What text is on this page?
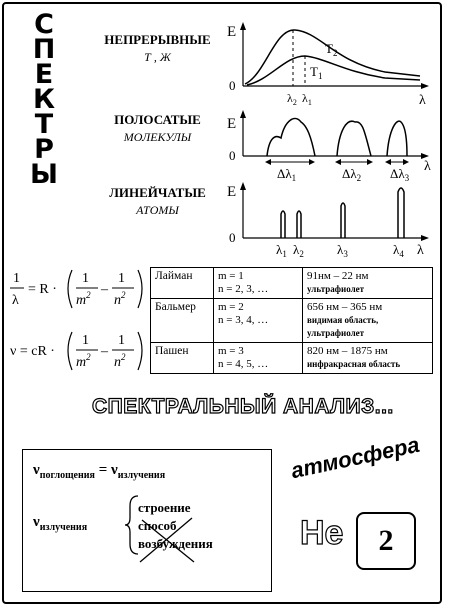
С
П
Е
К
Т
Р
Ы
НЕПРЕРЫВНЫЕ
Т , Ж
ПОЛОСАТЫЕ
МОЛЕКУЛЫ
ЛИНЕЙЧАТЫЕ
АТОМЫ
E
0
λ
$T_2$
$T_1$
$\lambda_2$ $\lambda_1$
E
0
λ
$\Delta\lambda_1$	$\Delta\lambda_2$ $\Delta\lambda_3$
E
0
$\lambda_1$ $\lambda_2$	$\lambda_3$	$\lambda_4$ λ
1
λ
= R ·
1
$m^2$ –
1
$n^2$
ν = cR ·
1
$m^2$ –
1
$n^2$
Лайман	m = 1
n = 2, 3, …	91нм – 22 нм
ультрафиолет

Бальмер	m = 2
n = 3, 4, …	656 нм – 365 нм
видимая область, ультрафиолет

Пашен	m = 3
n = 4, 5, …	820 нм – 1875 нм
инфракрасная область
СПЕКТРАЛЬНЫЙ АНАЛИЗ...
$\nu_{поглощения} = \nu_{излучения}$
$\nu_{излучения}$
строение
способ
возбуждения
атмосфера
Не	2
